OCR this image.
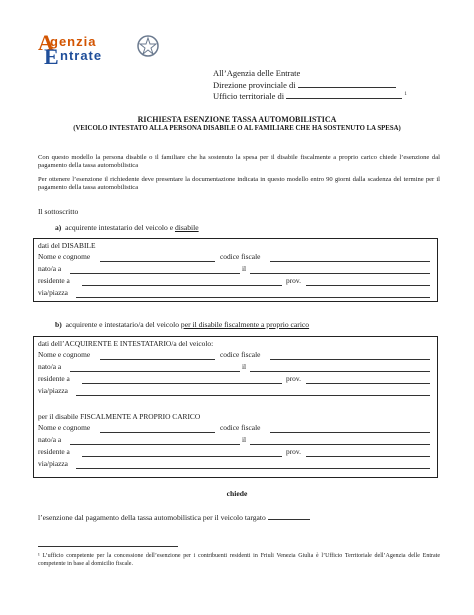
A
E
genzia
ntrate
All’Agenzia delle Entrate
Direzione provinciale di
Ufficio territoriale di	$^1$
RICHIESTA ESENZIONE TASSA AUTOMOBILISTICA
(VEICOLO INTESTATO ALLA PERSONA DISABILE O AL FAMILIARE CHE HA SOSTENUTO LA SPESA)
Con questo modello la persona disabile o il familiare che ha sostenuto la spesa per il disabile fiscalmente a proprio carico chiede l’esenzione dal pagamento della tassa automobilistica
Per ottenere l’esenzione il richiedente deve presentare la documentazione indicata in questo modello entro 90 giorni dalla scadenza del termine per il pagamento della tassa automobilistica
Il sottoscritto
a) acquirente intestatario del veicolo e disabile
dati del DISABILE
Nome e cognome	codice fiscale
nato/a a	il
residente a	prov.
via/piazza
b) acquirente e intestatario/a del veicolo per il disabile fiscalmente a proprio carico
dati dell’ACQUIRENTE E INTESTATARIO/a del veicolo:
Nome e cognome	codice fiscale
nato/a a	il
residente a	prov.
via/piazza
per il disabile FISCALMENTE A PROPRIO CARICO
Nome e cognome	codice fiscale
nato/a a	il
residente a	prov.
via/piazza
chiede
l’esenzione dal pagamento della tassa automobilistica per il veicolo targato
¹ L’ufficio competente per la concessione dell’esenzione per i contribuenti residenti in Friuli Venezia Giulia è l’Ufficio Territoriale dell’Agenzia delle Entrate competente in base al domicilio fiscale.
